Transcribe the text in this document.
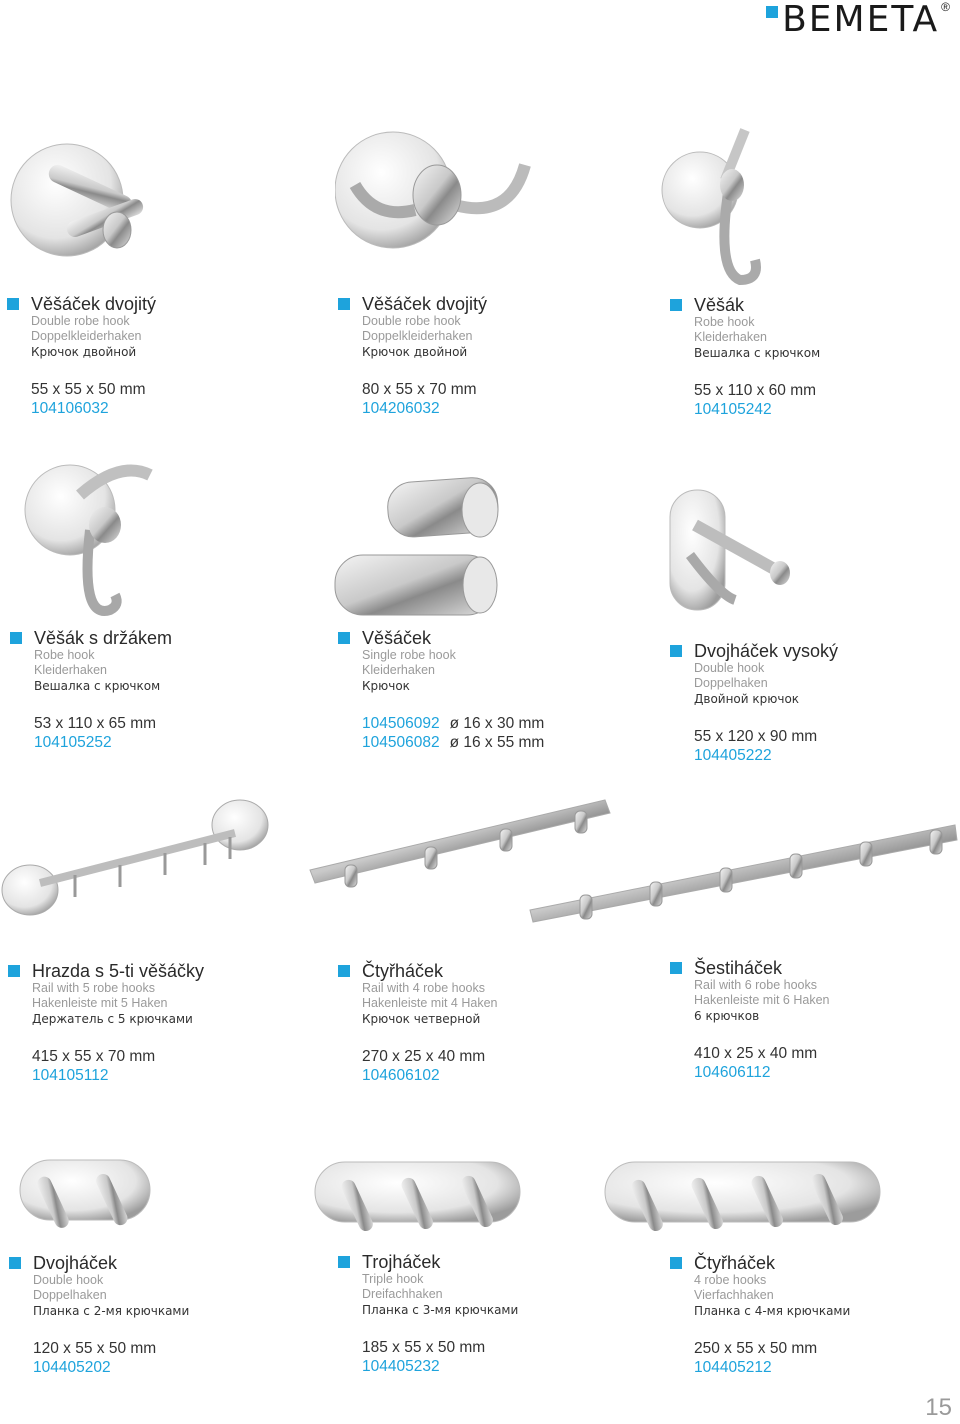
BEMETA ®
Věšáček dvojitý
Double robe hook
Doppelkleiderhaken
Крючок двойной
55 x 55 x 50 mm
104106032
Věšáček dvojitý
Double robe hook
Doppelkleiderhaken
Крючок двойной
80 x 55 x 70 mm
104206032
Věšák
Robe hook
Kleiderhaken
Вешалка с крючком
55 x 110 x 60 mm
104105242
Věšák s držákem
Robe hook
Kleiderhaken
Вешалка с крючком
53 x 110 x 65 mm
104105252
Věšáček
Single robe hook
Kleiderhaken
Крючок
104506092 ø 16 x 30 mm
104506082 ø 16 x 55 mm
Dvojháček vysoký
Double hook
Doppelhaken
Двойной крючок
55 x 120 x 90 mm
104405222
Hrazda s 5-ti věšáčky
Rail with 5 robe hooks
Hakenleiste mit 5 Haken
Держатель с 5 крючками
415 x 55 x 70 mm
104105112
Čtyřháček
Rail with 4 robe hooks
Hakenleiste mit 4 Haken
Крючок четверной
270 x 25 x 40 mm
104606102
Šestiháček
Rail with 6 robe hooks
Hakenleiste mit 6 Haken
6 крючков
410 x 25 x 40 mm
104606112
Dvojháček
Double hook
Doppelhaken
Планка с 2-мя крючками
120 x 55 x 50 mm
104405202
Trojháček
Triple hook
Dreifachhaken
Планка с 3-мя крючками
185 x 55 x 50 mm
104405232
Čtyřháček
4 robe hooks
Vierfachhaken
Планка с 4-мя крючками
250 x 55 x 50 mm
104405212
15
